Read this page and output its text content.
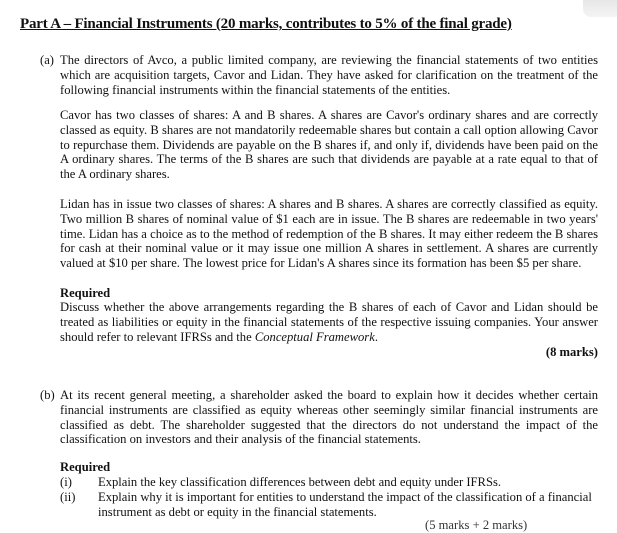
Part A – Financial Instruments (20 marks, contributes to 5% of the final grade)
(a) The directors of Avco, a public limited company, are reviewing the financial statements of two entities which are acquisition targets, Cavor and Lidan. They have asked for clarification on the treatment of the following financial instruments within the financial statements of the entities.

Cavor has two classes of shares: A and B shares. A shares are Cavor's ordinary shares and are correctly classed as equity. B shares are not mandatorily redeemable shares but contain a call option allowing Cavor to repurchase them. Dividends are payable on the B shares if, and only if, dividends have been paid on the A ordinary shares. The terms of the B shares are such that dividends are payable at a rate equal to that of the A ordinary shares.

Lidan has in issue two classes of shares: A shares and B shares. A shares are correctly classified as equity. Two million B shares of nominal value of $1 each are in issue. The B shares are redeemable in two years' time. Lidan has a choice as to the method of redemption of the B shares. It may either redeem the B shares for cash at their nominal value or it may issue one million A shares in settlement. A shares are currently valued at $10 per share. The lowest price for Lidan's A shares since its formation has been $5 per share.

Required

Discuss whether the above arrangements regarding the B shares of each of Cavor and Lidan should be treated as liabilities or equity in the financial statements of the respective issuing companies. Your answer should refer to relevant IFRSs and the Conceptual Framework.

(8 marks)
(b) At its recent general meeting, a shareholder asked the board to explain how it decides whether certain financial instruments are classified as equity whereas other seemingly similar financial instruments are classified as debt. The shareholder suggested that the directors do not understand the impact of the classification on investors and their analysis of the financial statements.

Required
(i) Explain the key classification differences between debt and equity under IFRSs.

(ii) Explain why it is important for entities to understand the impact of the classification of a financial instrument as debt or equity in the financial statements.

(5 marks + 2 marks)
